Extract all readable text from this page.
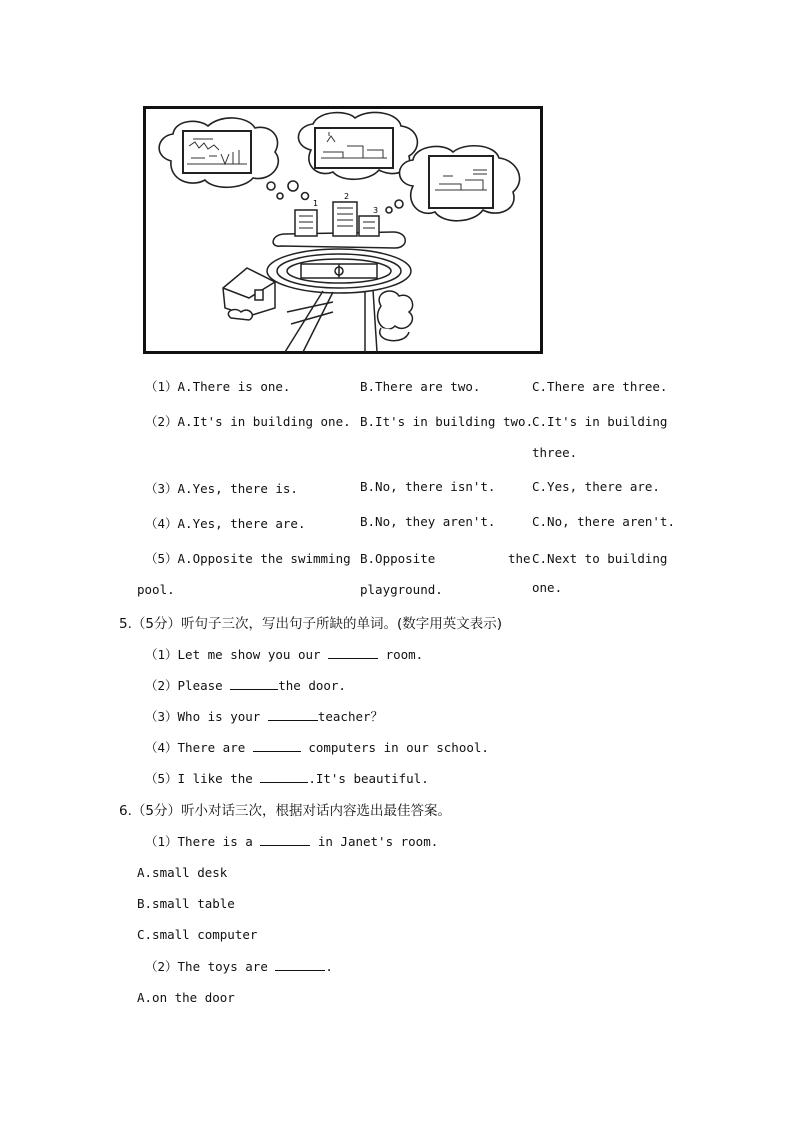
1
2
3
（1）A.There is one.	B.There are two.	C.There are three.
（2）A.It's in building one. B.It's in building two.
C.It's in building
three.
（3）A.Yes, there is.	B.No, there isn't.	C.Yes, there are.
（4）A.Yes, there are.	B.No, they aren't.	C.No, there aren't.
（5）A.Opposite the swimming
pool.
B.Opposite	the
playground.
C.Next to building
one.
5.（5分）听句子三次，写出句子所缺的单词。(数字用英文表示)
（1）Let me show you our	room.
（2）Please	the door.
（3）Who is your	teacher？
（4）There are	computers in our school.
（5）I like the	.It's beautiful.
6.（5分）听小对话三次，根据对话内容选出最佳答案。
（1）There is a	in Janet's room.
A.small desk
B.small table
C.small computer
（2）The toys are	.
A.on the door
